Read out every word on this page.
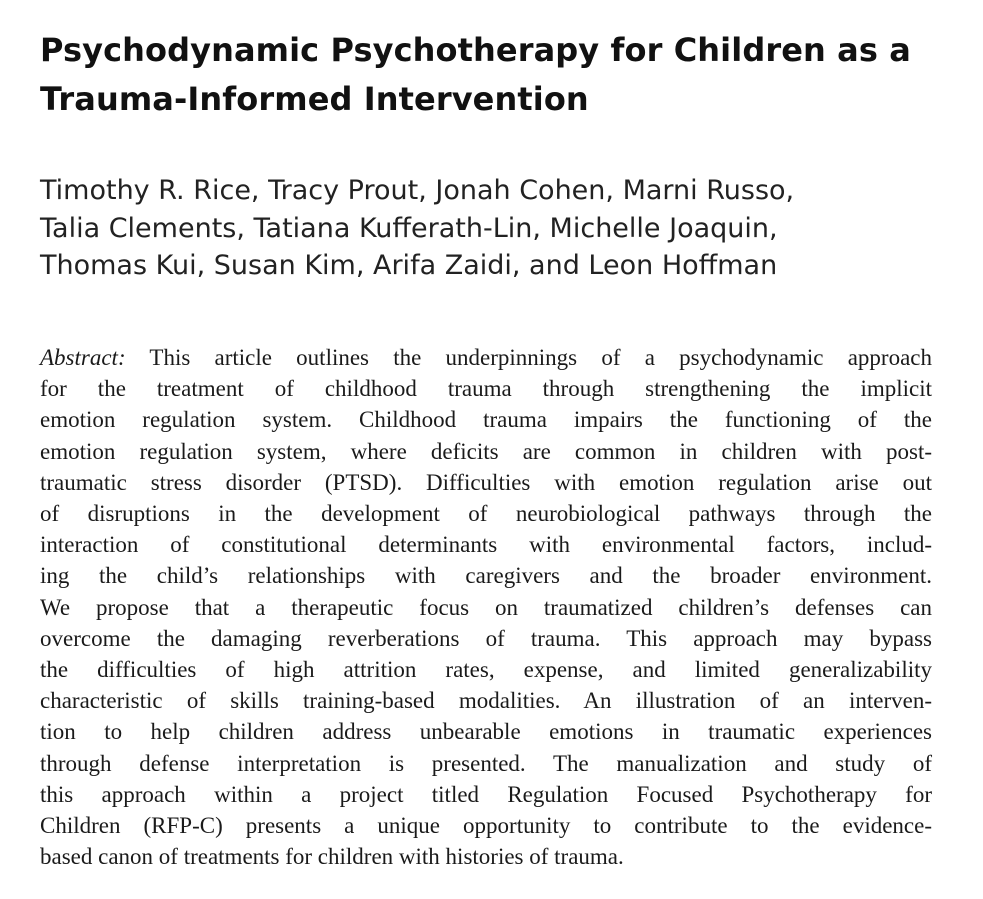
Psychodynamic Psychotherapy for Children as a
Trauma-Informed Intervention
Timothy R. Rice, Tracy Prout, Jonah Cohen, Marni Russo,
Talia Clements, Tatiana Kufferath-Lin, Michelle Joaquin,
Thomas Kui, Susan Kim, Arifa Zaidi, and Leon Hoffman
Abstract: This article outlines the underpinnings of a psychodynamic approach
for the treatment of childhood trauma through strengthening the implicit
emotion regulation system. Childhood trauma impairs the functioning of the
emotion regulation system, where deficits are common in children with post-
traumatic stress disorder (PTSD). Difficulties with emotion regulation arise out
of disruptions in the development of neurobiological pathways through the
interaction of constitutional determinants with environmental factors, includ-
ing the child’s relationships with caregivers and the broader environment.
We propose that a therapeutic focus on traumatized children’s defenses can
overcome the damaging reverberations of trauma. This approach may bypass
the difficulties of high attrition rates, expense, and limited generalizability
characteristic of skills training-based modalities. An illustration of an interven-
tion to help children address unbearable emotions in traumatic experiences
through defense interpretation is presented. The manualization and study of
this approach within a project titled Regulation Focused Psychotherapy for
Children (RFP-C) presents a unique opportunity to contribute to the evidence-
based canon of treatments for children with histories of trauma.
